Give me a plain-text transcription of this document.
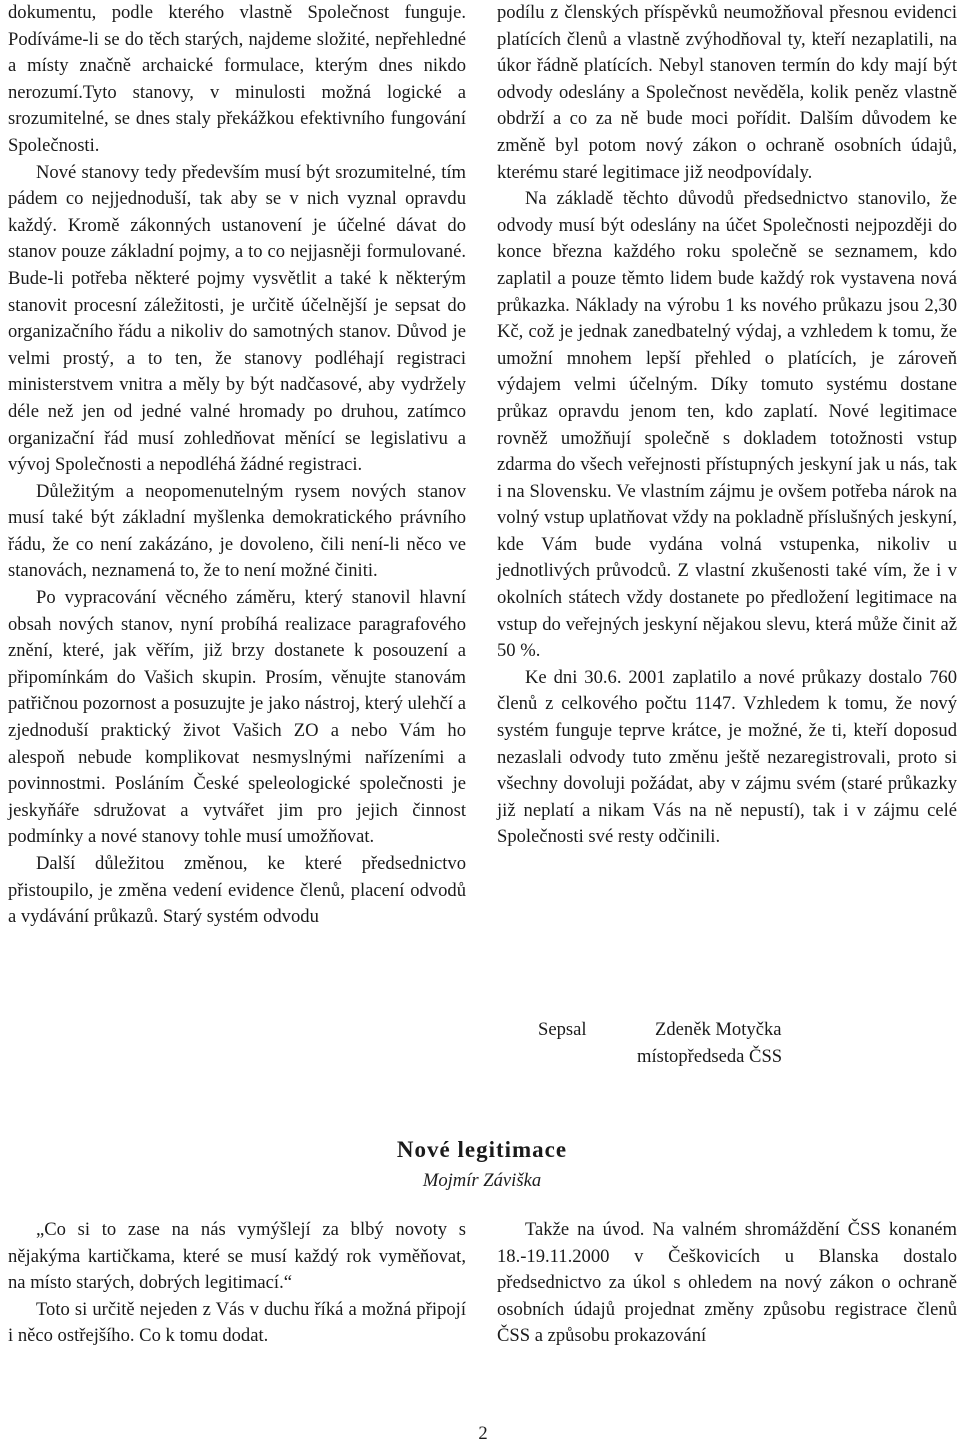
dokumentu, podle kterého vlastně Společnost funguje. Podíváme-li se do těch starých, najdeme složité, nepřehledné a místy značně archaické formulace, kterým dnes nikdo nerozumí.Tyto stanovy, v minulosti možná logické a srozumitelné, se dnes staly překážkou efektivního fungování Společnosti.

Nové stanovy tedy především musí být srozumitelné, tím pádem co nejjednoduší, tak aby se v nich vyznal opravdu každý. Kromě zákonných ustanovení je účelné dávat do stanov pouze základní pojmy, a to co nejjasněji formulované. Bude-li potřeba některé pojmy vysvětlit a také k některým stanovit procesní záležitosti, je určitě účelnější je sepsat do organizačního řádu a nikoliv do samotných stanov. Důvod je velmi prostý, a to ten, že stanovy podléhají registraci ministerstvem vnitra a měly by být nadčasové, aby vydržely déle než jen od jedné valné hromady po druhou, zatímco organizační řád musí zohledňovat měnící se legislativu a vývoj Společnosti a nepodléhá žádné registraci.

Důležitým a neopomenutelným rysem nových stanov musí také být základní myšlenka demokratického právního řádu, že co není zakázáno, je dovoleno, čili není-li něco ve stanovách, neznamená to, že to není možné činiti.

Po vypracování věcného záměru, který stanovil hlavní obsah nových stanov, nyní probíhá realizace paragrafového znění, které, jak věřím, již brzy dostanete k posouzení a připomínkám do Vašich skupin. Prosím, věnujte stanovám patřičnou pozornost a posuzujte je jako nástroj, který ulehčí a zjednoduší praktický život Vašich ZO a nebo Vám ho alespoň nebude komplikovat nesmyslnými nařízeními a povinnostmi. Posláním České speleologické společnosti je jeskyňáře sdružovat a vytvářet jim pro jejich činnost podmínky a nové stanovy tohle musí umožňovat.

Další důležitou změnou, ke které předsednictvo přistoupilo, je změna vedení evidence členů, placení odvodů a vydávání průkazů. Starý systém odvodu

podílu z členských příspěvků neumožňoval přesnou evidenci platících členů a vlastně zvýhodňoval ty, kteří nezaplatili, na úkor řádně platících. Nebyl stanoven termín do kdy mají být odvody odeslány a Společnost nevěděla, kolik peněz vlastně obdrží a co za ně bude moci pořídit. Dalším důvodem ke změně byl potom nový zákon o ochraně osobních údajů, kterému staré legitimace již neodpovídaly.

Na základě těchto důvodů předsednictvo stanovilo, že odvody musí být odeslány na účet Společnosti nejpozději do konce března každého roku společně se seznamem, kdo zaplatil a pouze těmto lidem bude každý rok vystavena nová průkazka. Náklady na výrobu 1 ks nového průkazu jsou 2,30 Kč, což je jednak zanedbatelný výdaj, a vzhledem k tomu, že umožní mnohem lepší přehled o platících, je zároveň výdajem velmi účelným. Díky tomuto systému dostane průkaz opravdu jenom ten, kdo zaplatí. Nové legitimace rovněž umožňují společně s dokladem totožnosti vstup zdarma do všech veřejnosti přístupných jeskyní jak u nás, tak i na Slovensku. Ve vlastním zájmu je ovšem potřeba nárok na volný vstup uplatňovat vždy na pokladně příslušných jeskyní, kde Vám bude vydána volná vstupenka, nikoliv u jednotlivých průvodců. Z vlastní zkušenosti také vím, že i v okolních státech vždy dostanete po předložení legitimace na vstup do veřejných jeskyní nějakou slevu, která může činit až 50 %.

Ke dni 30.6. 2001 zaplatilo a nové průkazy dostalo 760 členů z celkového počtu 1147. Vzhledem k tomu, že nový systém funguje teprve krátce, je možné, že ti, kteří doposud nezaslali odvody tuto změnu ještě nezaregistrovali, proto si všechny dovoluji požádat, aby v zájmu svém (staré průkazky již neplatí a nikam Vás na ně nepustí), tak i v zájmu celé Společnosti své resty odčinili.

Sepsal	Zdeněk Motyčka
místopředseda ČSS
Nové legitimace
Mojmír Záviška

„Co si to zase na nás vymýšlejí za blbý novoty s nějakýma kartičkama, které se musí každý rok vyměňovat, na místo starých, dobrých legitimací.“

Toto si určitě nejeden z Vás v duchu říká a možná připojí i něco ostřejšího. Co k tomu dodat.

Takže na úvod. Na valném shromáždění ČSS konaném 18.-19.11.2000 v Češkovicích u Blanska dostalo předsednictvo za úkol s ohledem na nový zákon o ochraně osobních údajů projednat změny způsobu registrace členů ČSS a způsobu prokazování

2
